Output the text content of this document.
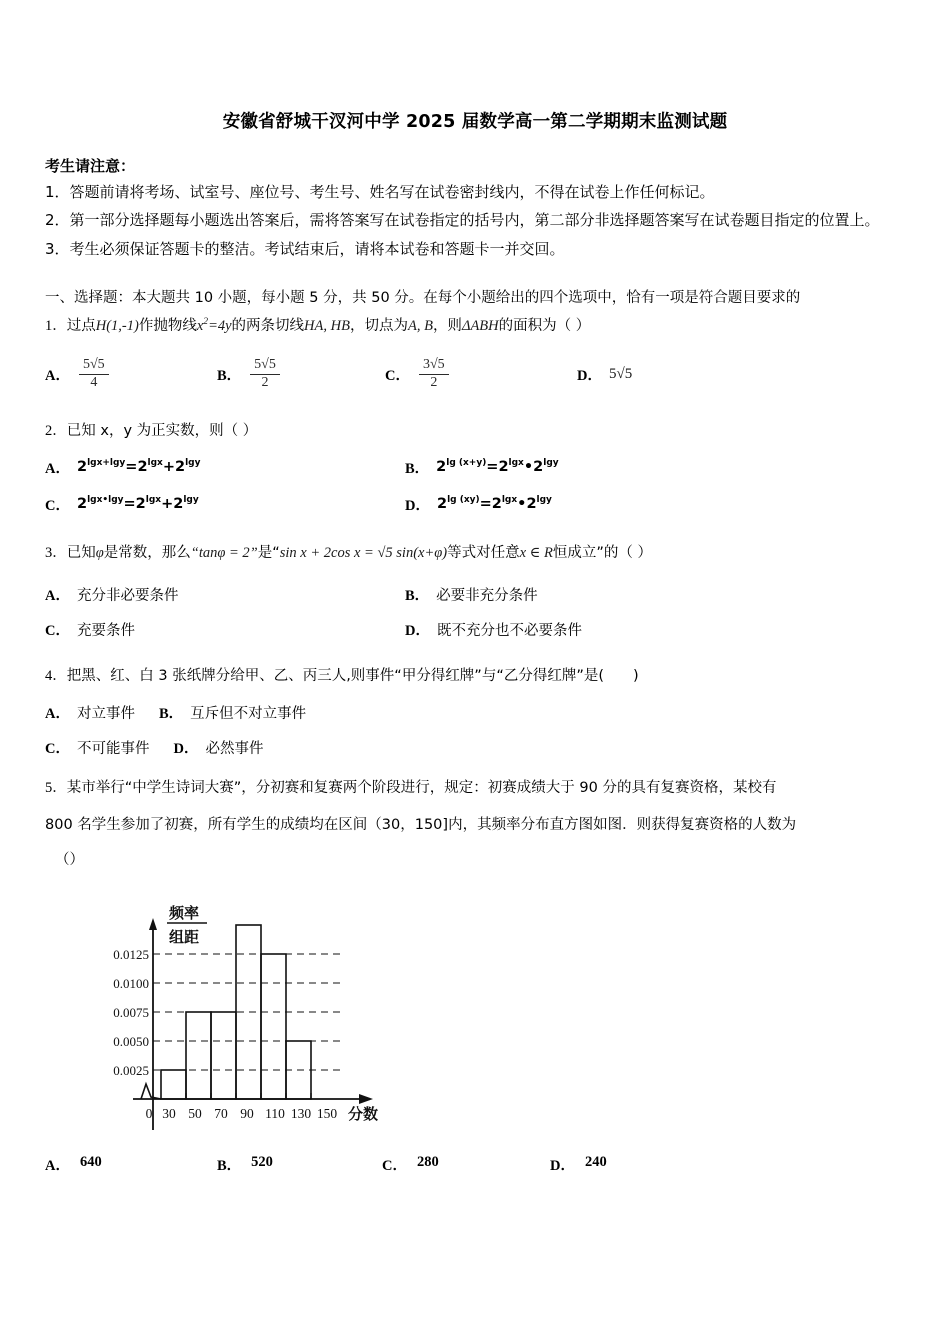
安徽省舒城干汊河中学 2025 届数学高一第二学期期末监测试题
考生请注意：
1．答题前请将考场、试室号、座位号、考生号、姓名写在试卷密封线内，不得在试卷上作任何标记。
2．第一部分选择题每小题选出答案后，需将答案写在试卷指定的括号内，第二部分非选择题答案写在试卷题目指定的位置上。
3．考生必须保证答题卡的整洁。考试结束后，请将本试卷和答题卡一并交回。
一、选择题：本大题共 10 小题，每小题 5 分，共 50 分。在每个小题给出的四个选项中，恰有一项是符合题目要求的
1．过点H(1,-1)作抛物线$x^2=4y$的两条切线HA, HB，切点为A, B，则ΔABH的面积为（ ）
A． $\frac{5√5}{4}$	B． $\frac{5√5}{2}$	C． $\frac{3√5}{2}$	D． 5√5
2．已知 x，y 为正实数，则（ ）
A． $2^{lgx+lgy}=2^{lgx}+2^{lgy}$	B． $2^{lg (x+y)}=2^{lgx}•2^{lgy}$
C． $2^{lgx•lgy}=2^{lgx}+2^{lgy}$	D． $2^{lg (xy)}=2^{lgx}•2^{lgy}$
3．已知φ是常数，那么“tanφ = 2”是“sin x + 2cos x = √5 sin(x+φ)等式对任意x ∈ R恒成立”的（ ）
A． 充分非必要条件	B． 必要非充分条件
C． 充要条件	D． 既不充分也不必要条件
4．把黑、红、白 3 张纸牌分给甲、乙、丙三人,则事件“甲分得红牌”与“乙分得红牌”是(　　)
A． 对立事件 B． 互斥但不对立事件
C． 不可能事件 D． 必然事件
5．某市举行“中学生诗词大赛”，分初赛和复赛两个阶段进行，规定：初赛成绩大于 90 分的具有复赛资格，某校有
800 名学生参加了初赛，所有学生的成绩均在区间（30，150]内，其频率分布直方图如图．则获得复赛资格的人数为
（）
频率
组距
0.0125
0.0100
0.0075
0.0050
0.0025
0 30 50 70 90 110 130 150 分数
A． 640	B． 520	C． 280	D． 240
